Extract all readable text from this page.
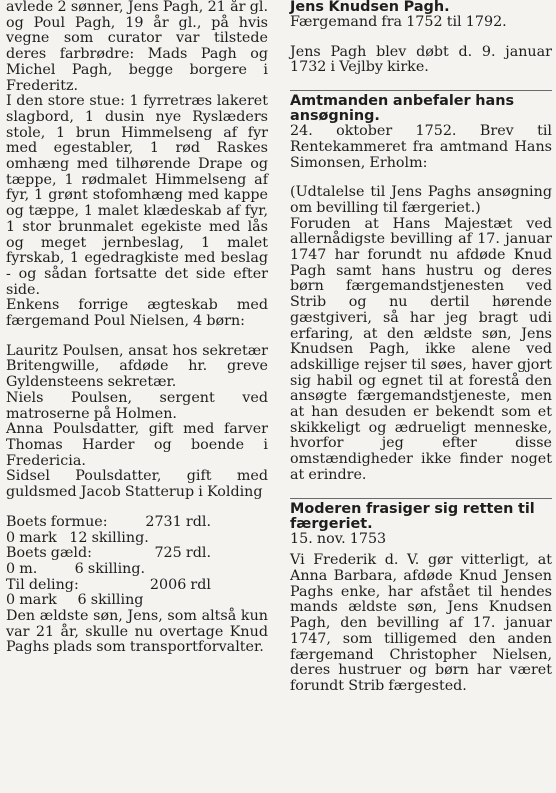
avlede 2 sønner, Jens Pagh, 21 år gl. og Poul Pagh, 19 år gl., på hvis vegne som curator var tilstede deres farbrødre: Mads Pagh og Michel Pagh, begge borgere i Frederitz.

I den store stue: 1 fyrretræs lakeret slagbord, 1 dusin nye Ryslæders stole, 1 brun Himmelseng af fyr med egestabler, 1 rød Raskes omhæng med tilhørende Drape og tæppe, 1 rødmalet Himmelseng af fyr, 1 grønt stofomhæng med kappe og tæppe, 1 malet klædeskab af fyr, 1 stor brunmalet egekiste med lås og meget jernbeslag, 1 malet fyrskab, 1 egedragkiste med beslag - og sådan fortsatte det side efter side.

Enkens forrige ægteskab med færgemand Poul Nielsen, 4 børn:

Lauritz Poulsen, ansat hos sekretær Britengwille, afdøde hr. greve Gyldensteens sekretær.

Niels Poulsen, sergent ved matroserne på Holmen.

Anna Poulsdatter, gift med farver Thomas Harder og boende i Fredericia.

Sidsel Poulsdatter, gift med guldsmed Jacob Statterup i Kolding

Boets formue:	2731 rdl.
0 mark   12 skilling.
Boets gæld:	725 rdl.
0 m.         6 skilling.
Til deling:	2006 rdl
0 mark     6 skilling

Den ældste søn, Jens, som altså kun var 21 år, skulle nu overtage Knud Paghs plads som transportforvalter.

Jens Knudsen Pagh.

Færgemand fra 1752 til 1792.

Jens Pagh blev døbt d. 9. januar 1732 i Vejlby kirke.

Amtmanden anbefaler hans ansøgning.

24. oktober 1752. Brev til Rentekammeret fra amtmand Hans Simonsen, Erholm:

(Udtalelse til Jens Paghs ansøgning om bevilling til færgeriet.)

Foruden at Hans Majestæt ved allernådigste bevilling af 17. januar 1747 har forundt nu afdøde Knud Pagh samt hans hustru og deres børn færgemandstjenesten ved Strib og nu dertil hørende gæstgiveri, så har jeg bragt udi erfaring, at den ældste søn, Jens Knudsen Pagh, ikke alene ved adskillige rejser til søes, haver gjort sig habil og egnet til at forestå den ansøgte færgemandstjeneste, men at han desuden er bekendt som et skikkeligt og ædrueligt menneske, hvorfor jeg efter disse omstændigheder ikke finder noget at erindre.

Moderen frasiger sig retten til færgeriet.

15. nov. 1753

Vi Frederik d. V. gør vitterligt, at Anna Barbara, afdøde Knud Jensen Paghs enke, har afstået til hendes mands ældste søn, Jens Knudsen Pagh, den bevilling af 17. januar 1747, som tilligemed den anden færgemand Christopher Nielsen, deres hustruer og børn har været forundt Strib færgested.
